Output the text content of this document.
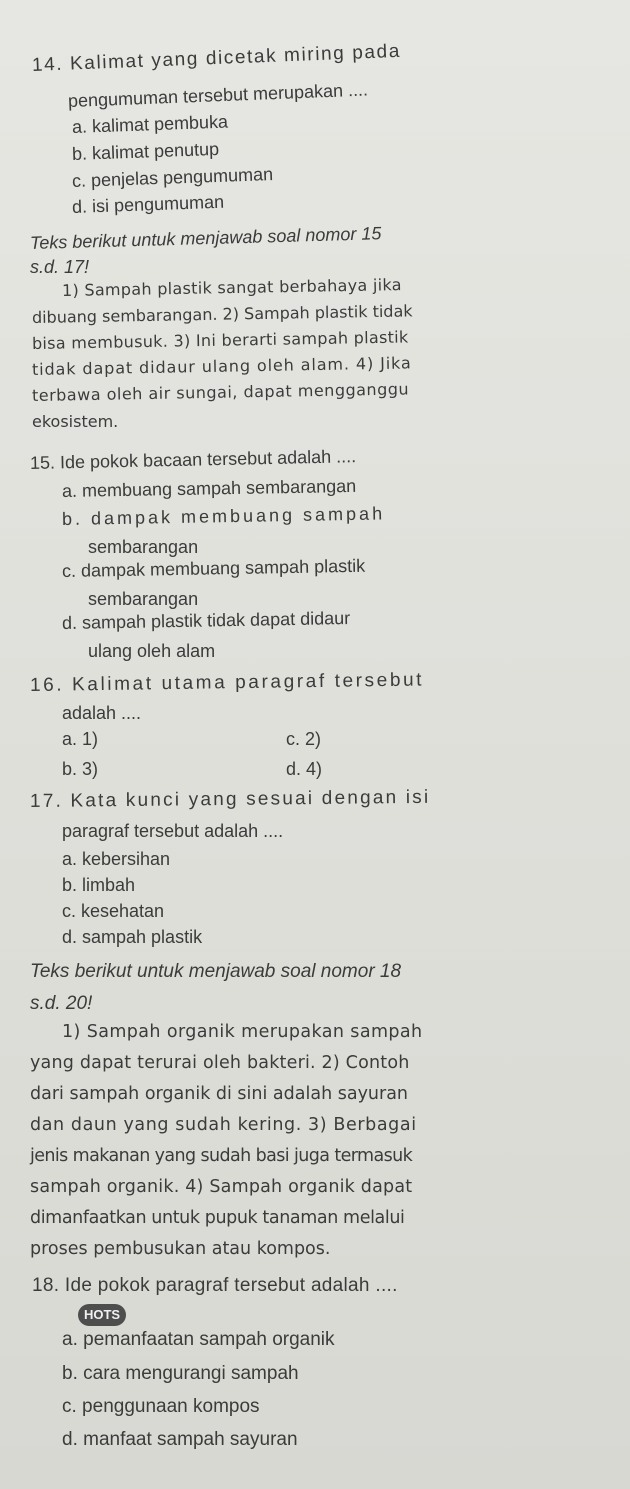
14. Kalimat yang dicetak miring pada
pengumuman tersebut merupakan ....
a. kalimat pembuka
b. kalimat penutup
c. penjelas pengumuman
d. isi pengumuman
Teks berikut untuk menjawab soal nomor 15
s.d. 17!
1) Sampah plastik sangat berbahaya jika
dibuang sembarangan. 2) Sampah plastik tidak
bisa membusuk. 3) Ini berarti sampah plastik
tidak dapat didaur ulang oleh alam. 4) Jika
terbawa oleh air sungai, dapat mengganggu
ekosistem.
15. Ide pokok bacaan tersebut adalah ....
a. membuang sampah sembarangan
b. dampak membuang sampah
sembarangan
c. dampak membuang sampah plastik
sembarangan
d. sampah plastik tidak dapat didaur
ulang oleh alam
16. Kalimat utama paragraf tersebut
adalah ....
a. 1)	c. 2)
b. 3)	d. 4)
17. Kata kunci yang sesuai dengan isi
paragraf tersebut adalah ....
a. kebersihan
b. limbah
c. kesehatan
d. sampah plastik
Teks berikut untuk menjawab soal nomor 18
s.d. 20!
1) Sampah organik merupakan sampah
yang dapat terurai oleh bakteri. 2) Contoh
dari sampah organik di sini adalah sayuran
dan daun yang sudah kering. 3) Berbagai
jenis makanan yang sudah basi juga termasuk
sampah organik. 4) Sampah organik dapat
dimanfaatkan untuk pupuk tanaman melalui
proses pembusukan atau kompos.
18. Ide pokok paragraf tersebut adalah ....
HOTS
a. pemanfaatan sampah organik
b. cara mengurangi sampah
c. penggunaan kompos
d. manfaat sampah sayuran
